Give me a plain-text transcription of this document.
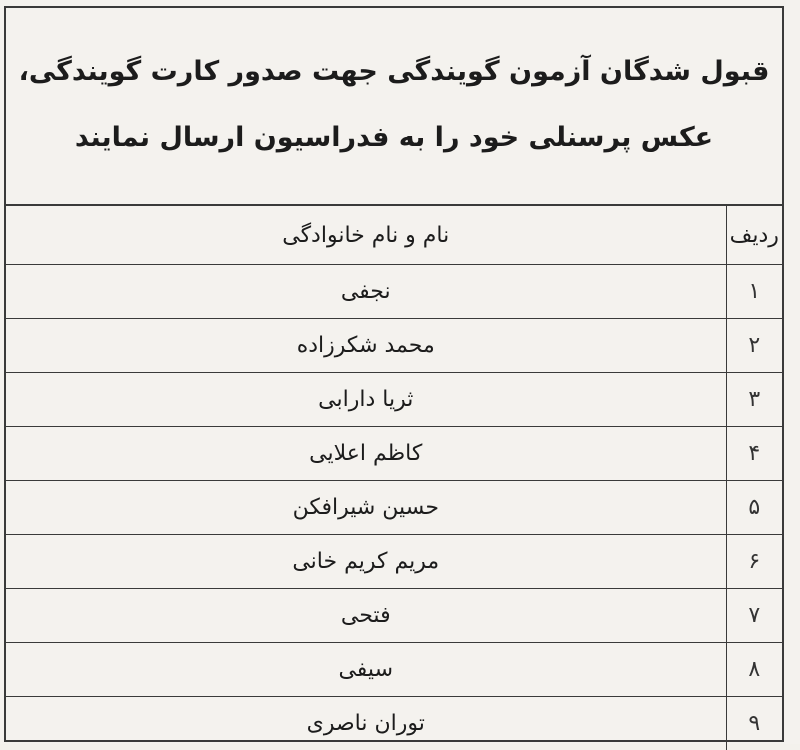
قبول شدگان آزمون گویندگی جهت صدور کارت گویندگی،
عکس پرسنلی خود را به فدراسیون ارسال نمایند
ردیف	نام و نام خانوادگی
۱	نجفی
۲	محمد شکرزاده
۳	ثریا دارابی
۴	کاظم اعلایی
۵	حسین شیرافکن
۶	مریم کریم خانی
۷	فتحی
۸	سیفی
۹	توران ناصری
